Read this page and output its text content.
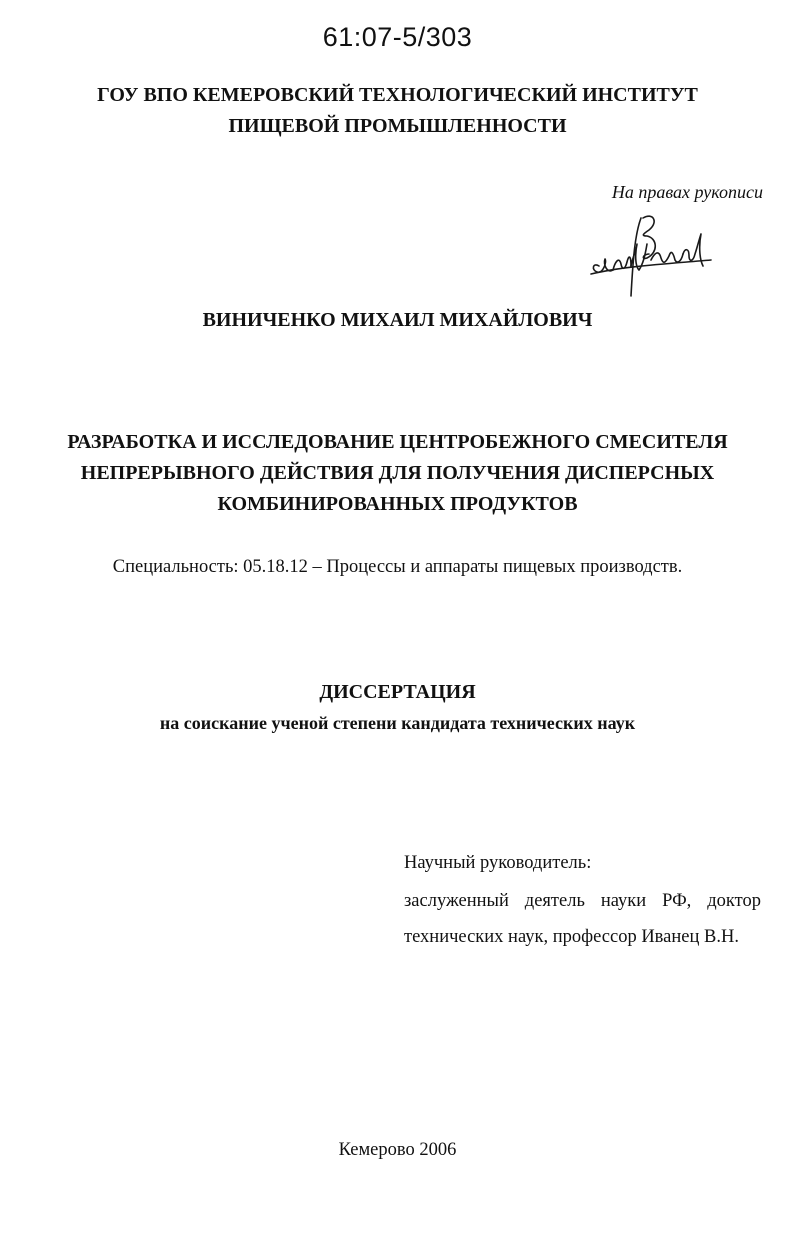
61:07-5/303
ГОУ ВПО КЕМЕРОВСКИЙ ТЕХНОЛОГИЧЕСКИЙ ИНСТИТУТ
ПИЩЕВОЙ ПРОМЫШЛЕННОСТИ
На правах рукописи
ВИНИЧЕНКО МИХАИЛ МИХАЙЛОВИЧ
РАЗРАБОТКА И ИССЛЕДОВАНИЕ ЦЕНТРОБЕЖНОГО СМЕСИТЕЛЯ
НЕПРЕРЫВНОГО ДЕЙСТВИЯ ДЛЯ ПОЛУЧЕНИЯ ДИСПЕРСНЫХ
КОМБИНИРОВАННЫХ ПРОДУКТОВ
Специальность: 05.18.12 – Процессы и аппараты пищевых производств.
ДИССЕРТАЦИЯ
на соискание ученой степени кандидата технических наук
Научный руководитель:
заслуженный деятель науки РФ, доктор
технических наук, профессор Иванец В.Н.
Кемерово 2006
